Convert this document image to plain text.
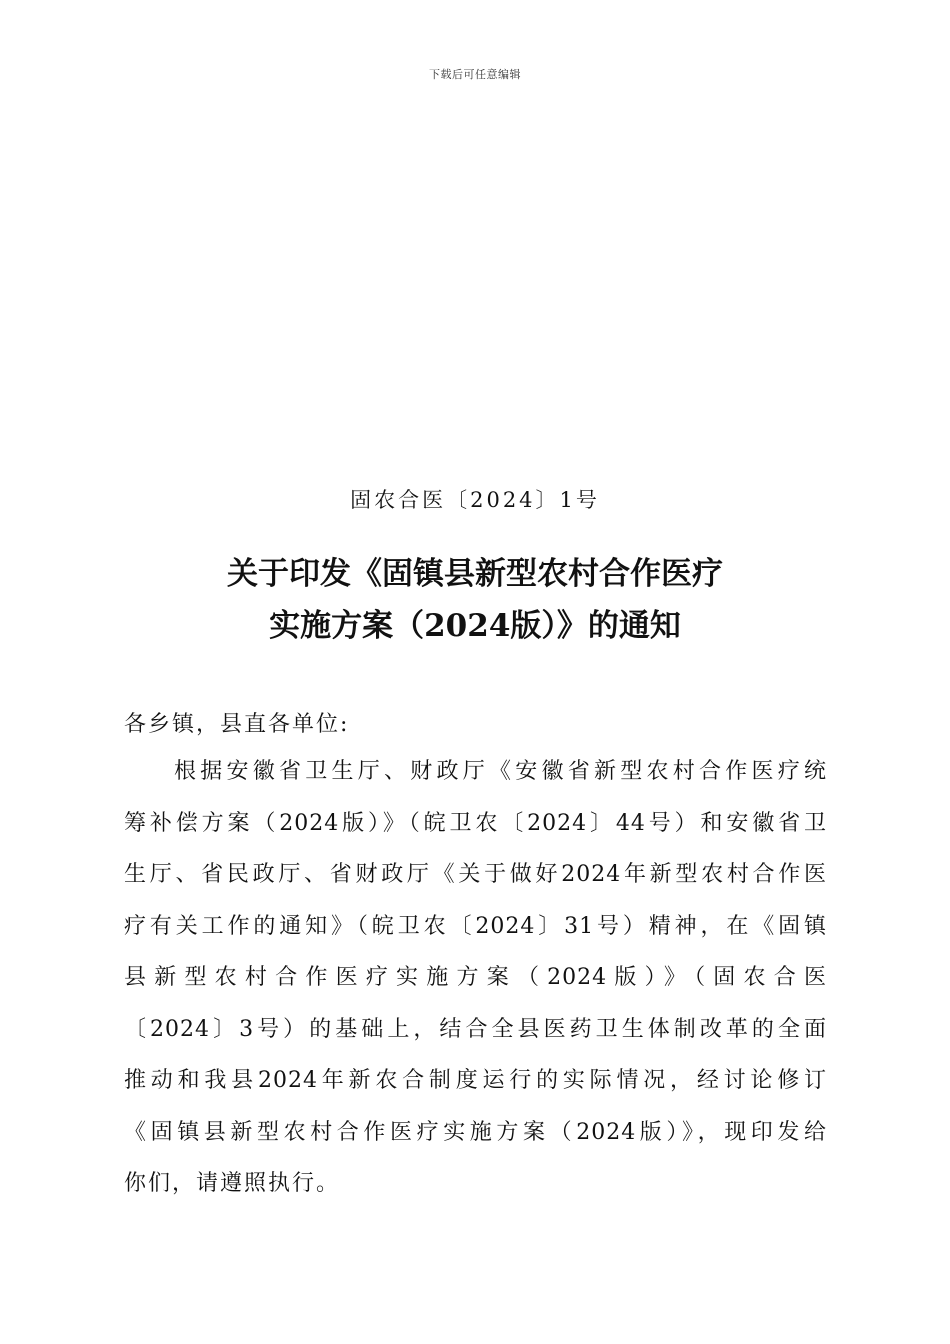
下载后可任意编辑
固农合医〔2024〕1号
关于印发《固镇县新型农村合作医疗
实施方案（2024版）》的通知
各乡镇，县直各单位:
根据安徽省卫生厅、财政厅《安徽省新型农村合作医疗统
筹补偿方案（2024版）》（皖卫农〔2024〕44号）和安徽省卫
生厅、省民政厅、省财政厅《关于做好2024年新型农村合作医
疗有关工作的通知》（皖卫农〔2024〕31号）精神，在《固镇
县新型农村合作医疗实施方案（2024版）》（固农合医
〔2024〕3号）的基础上，结合全县医药卫生体制改革的全面
推动和我县2024年新农合制度运行的实际情况，经讨论修订
《固镇县新型农村合作医疗实施方案（2024版）》，现印发给
你们，请遵照执行。
